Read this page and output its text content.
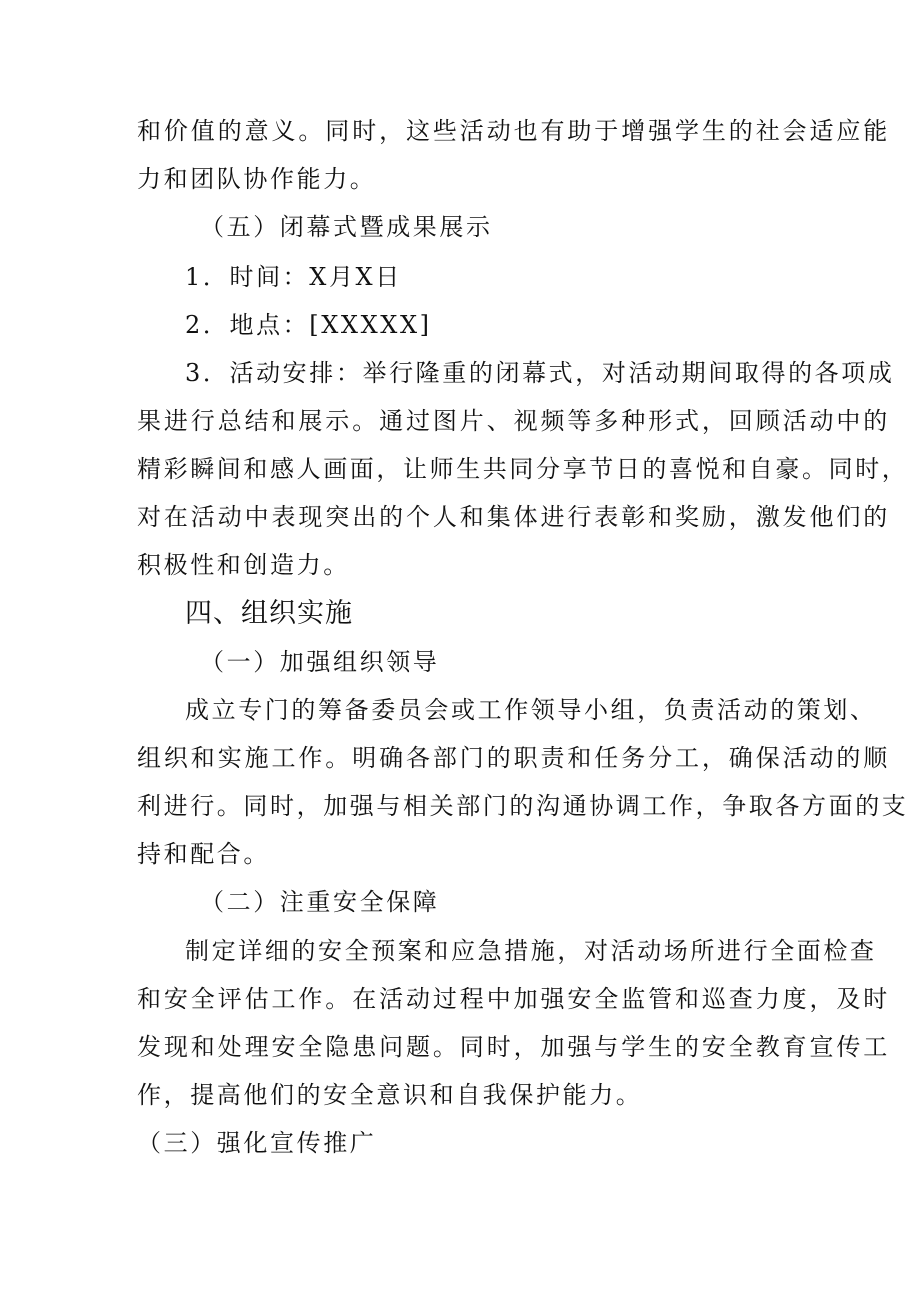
和价值的意义。同时，这些活动也有助于增强学生的社会适应能
力和团队协作能力。
（五）闭幕式暨成果展示
1．时间：X月X日
2．地点：[XXXXX]
3．活动安排：举行隆重的闭幕式，对活动期间取得的各项成
果进行总结和展示。通过图片、视频等多种形式，回顾活动中的
精彩瞬间和感人画面，让师生共同分享节日的喜悦和自豪。同时，
对在活动中表现突出的个人和集体进行表彰和奖励，激发他们的
积极性和创造力。
四、组织实施
（一）加强组织领导
成立专门的筹备委员会或工作领导小组，负责活动的策划、
组织和实施工作。明确各部门的职责和任务分工，确保活动的顺
利进行。同时，加强与相关部门的沟通协调工作，争取各方面的支
持和配合。
（二）注重安全保障
制定详细的安全预案和应急措施，对活动场所进行全面检查
和安全评估工作。在活动过程中加强安全监管和巡查力度，及时
发现和处理安全隐患问题。同时，加强与学生的安全教育宣传工
作，提高他们的安全意识和自我保护能力。
（三）强化宣传推广
